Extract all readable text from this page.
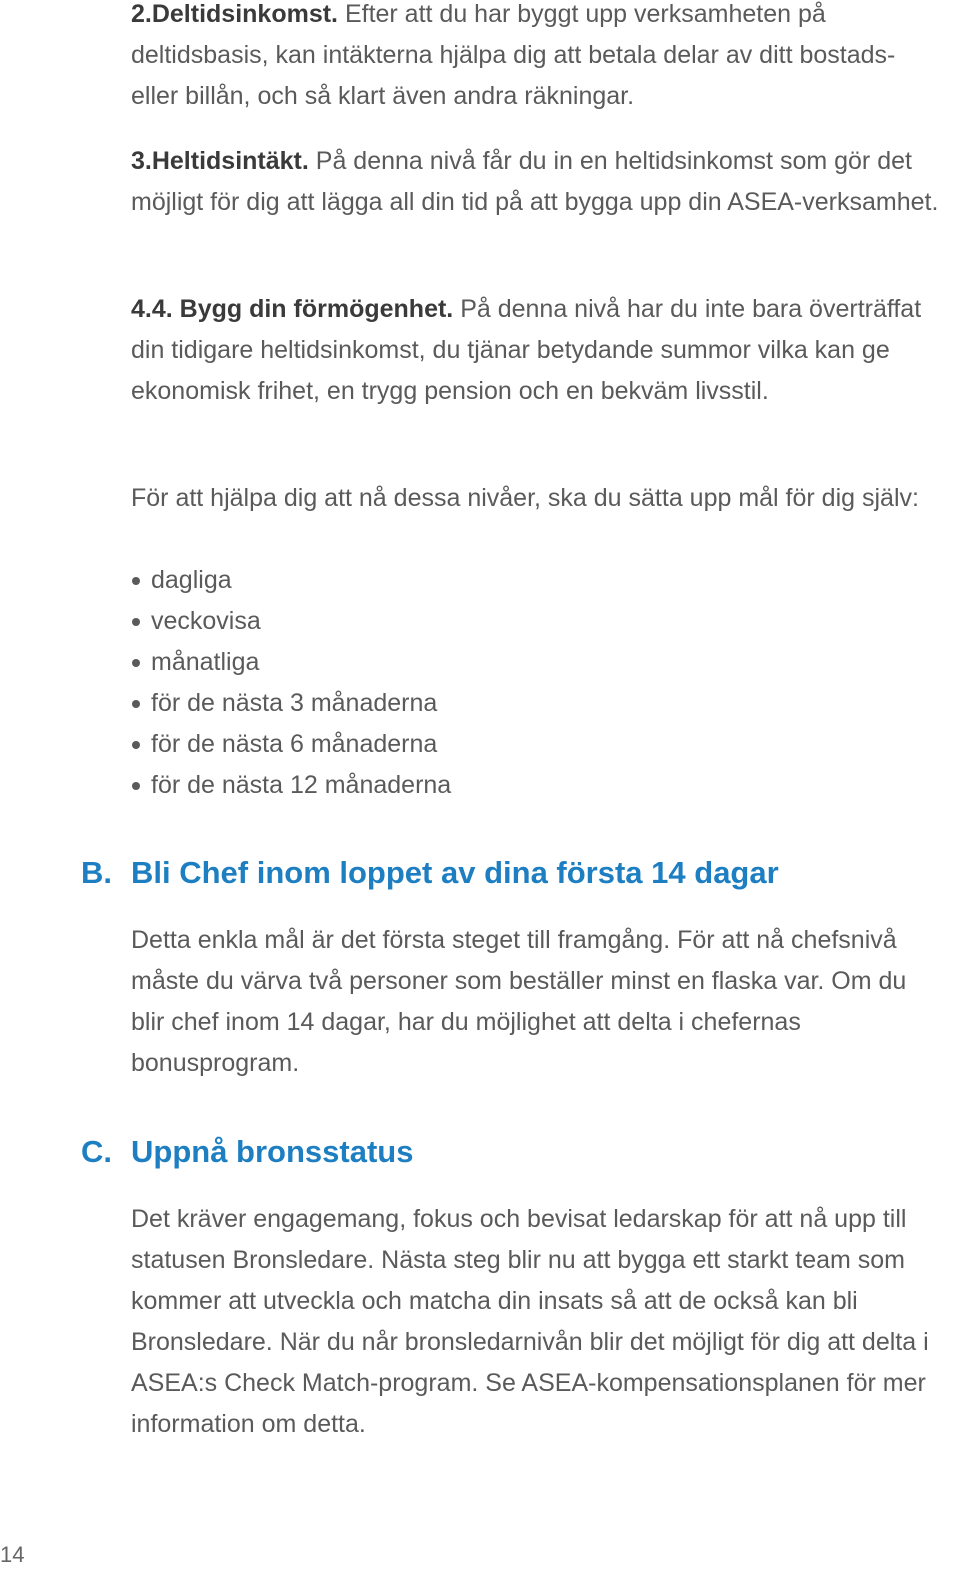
2.Deltidsinkomst. Efter att du har byggt upp verksamheten på deltidsbasis, kan intäkterna hjälpa dig att betala delar av ditt bostads- eller billån, och så klart även andra räkningar.

3.Heltidsintäkt. På denna nivå får du in en heltidsinkomst som gör det möjligt för dig att lägga all din tid på att bygga upp din ASEA-verksamhet.

4.4. Bygg din förmögenhet. På denna nivå har du inte bara överträffat din tidigare heltidsinkomst, du tjänar betydande summor vilka kan ge ekonomisk frihet, en trygg pension och en bekväm livsstil.

För att hjälpa dig att nå dessa nivåer, ska du sätta upp mål för dig själv:

dagliga
veckovisa
månatliga
för de nästa 3 månaderna
för de nästa 6 månaderna
för de nästa 12 månaderna
B. Bli Chef inom loppet av dina första 14 dagar

Detta enkla mål är det första steget till framgång. För att nå chefsnivå måste du värva två personer som beställer minst en flaska var. Om du blir chef inom 14 dagar, har du möjlighet att delta i chefernas bonusprogram.

C. Uppnå bronsstatus

Det kräver engagemang, fokus och bevisat ledarskap för att nå upp till statusen Bronsledare. Nästa steg blir nu att bygga ett starkt team som kommer att utveckla och matcha din insats så att de också kan bli Bronsledare. När du når bronsledarnivån blir det möjligt för dig att delta i ASEA:s Check Match-program. Se ASEA-kompensationsplanen för mer information om detta.

14
